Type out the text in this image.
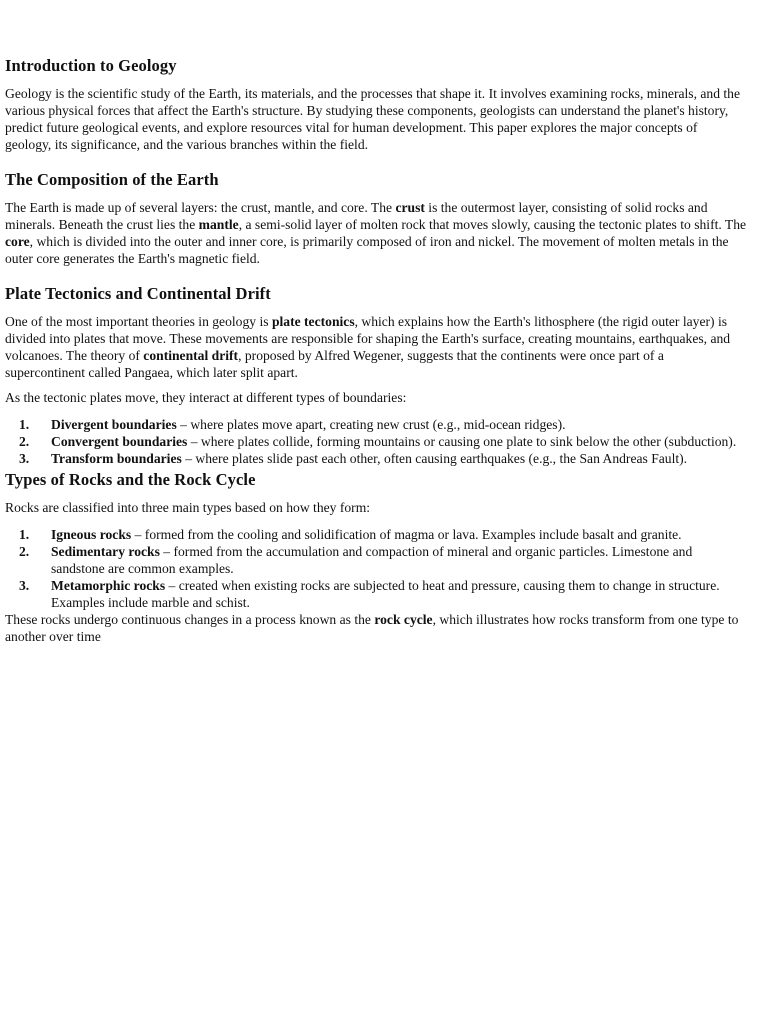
Introduction to Geology

Geology is the scientific study of the Earth, its materials, and the processes that shape it. It involves examining rocks, minerals, and the various physical forces that affect the Earth's structure. By studying these components, geologists can understand the planet's history, predict future geological events, and explore resources vital for human development. This paper explores the major concepts of geology, its significance, and the various branches within the field.

The Composition of the Earth

The Earth is made up of several layers: the crust, mantle, and core. The crust is the outermost layer, consisting of solid rocks and minerals. Beneath the crust lies the mantle, a semi-solid layer of molten rock that moves slowly, causing the tectonic plates to shift. The core, which is divided into the outer and inner core, is primarily composed of iron and nickel. The movement of molten metals in the outer core generates the Earth's magnetic field.

Plate Tectonics and Continental Drift

One of the most important theories in geology is plate tectonics, which explains how the Earth's lithosphere (the rigid outer layer) is divided into plates that move. These movements are responsible for shaping the Earth's surface, creating mountains, earthquakes, and volcanoes. The theory of continental drift, proposed by Alfred Wegener, suggests that the continents were once part of a supercontinent called Pangaea, which later split apart.

As the tectonic plates move, they interact at different types of boundaries:

1. Divergent boundaries – where plates move apart, creating new crust (e.g., mid-ocean ridges).
2. Convergent boundaries – where plates collide, forming mountains or causing one plate to sink below the other (subduction).
3. Transform boundaries – where plates slide past each other, often causing earthquakes (e.g., the San Andreas Fault).
Types of Rocks and the Rock Cycle

Rocks are classified into three main types based on how they form:

1. Igneous rocks – formed from the cooling and solidification of magma or lava. Examples include basalt and granite.
2. Sedimentary rocks – formed from the accumulation and compaction of mineral and organic particles. Limestone and sandstone are common examples.
3. Metamorphic rocks – created when existing rocks are subjected to heat and pressure, causing them to change in structure. Examples include marble and schist.

These rocks undergo continuous changes in a process known as the rock cycle, which illustrates how rocks transform from one type to another over time
